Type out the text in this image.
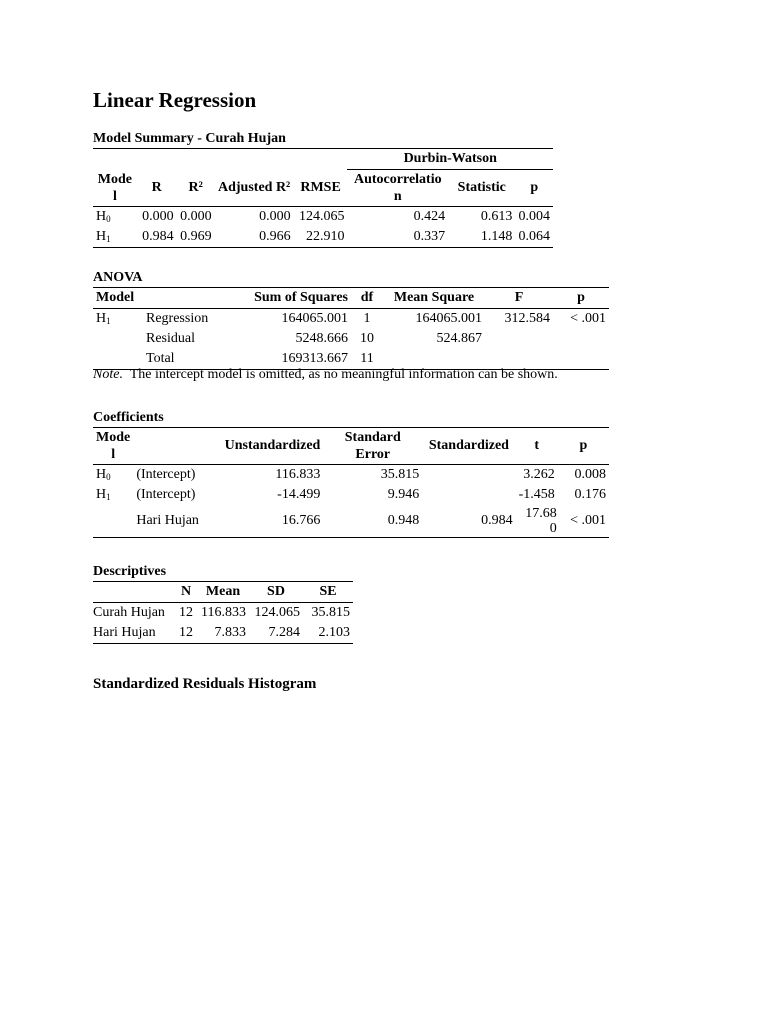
Linear Regression
Model Summary - Curah Hujan
					Durbin-Watson		
Mode l	R	R²	Adjusted R²	RMSE	Autocorrelatio n	Statistic	p
$H_0$	0.000	0.000	0.000	124.065	0.424	0.613	0.004
$H_1$	0.984	0.969	0.966	22.910	0.337	1.148	0.064
ANOVA
Model		Sum of Squares	df	Mean Square	F	p
$H_1$	Regression	164065.001	1	164065.001	312.584	< .001
	Residual	5248.666	10	524.867		
	Total	169313.667	11			
Note. The intercept model is omitted, as no meaningful information can be shown.
Coefficients
Mode l		Unstandardized	Standard Error	Standardized	t	p
$H_0$	(Intercept)	116.833	35.815		3.262	0.008
$H_1$	(Intercept)	-14.499	9.946		-1.458	0.176
	Hari Hujan	16.766	0.948	0.984	17.68 0	< .001
Descriptives
	N	Mean	SD	SE
Curah Hujan	12	116.833	124.065	35.815
Hari Hujan	12	7.833	7.284	2.103
Standardized Residuals Histogram
